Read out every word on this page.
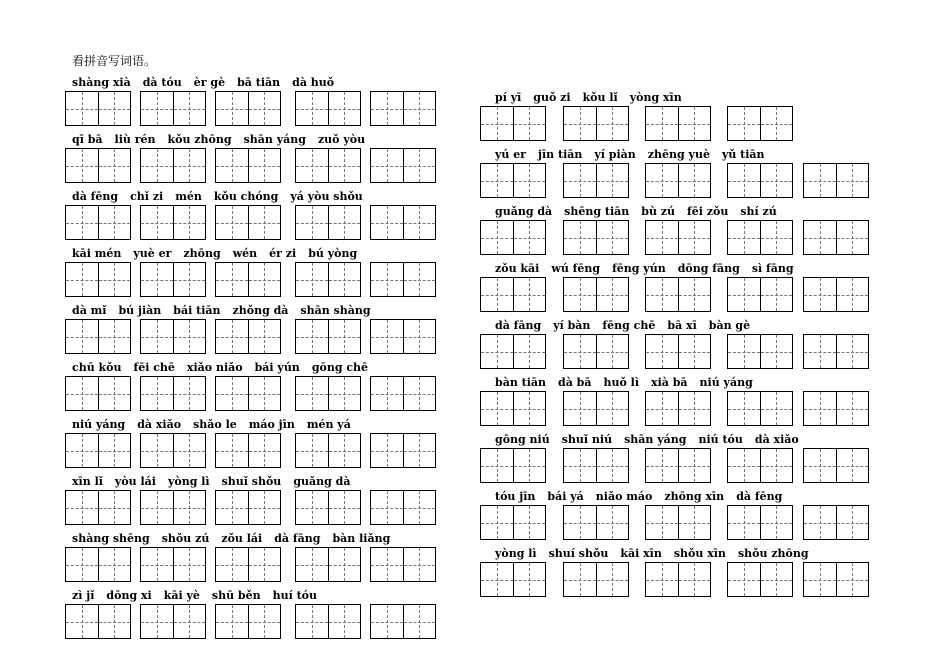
看拼音写词语。
shàng xià dà tóu èr gè bā tiān dà huǒ
qī bā liù rén kǒu zhōng shān yáng zuǒ yòu
dà fēng chǐ zi mén kǒu chóng yá yòu shǒu
kāi mén yuè er zhōng wén ér zi bú yòng
dà mǐ bú jiàn bái tiān zhǒng dà shān shàng
chū kǒu fēi chē xiǎo niǎo bái yún gōng chē
niú yáng dà xiǎo shǎo le máo jīn mén yá
xīn lǐ yòu lái yòng lì shuǐ shǒu guǎng dà
shàng shēng shǒu zú zǒu lái dà fāng bàn liǎng
zì jǐ dōng xi kāi yè shū běn huí tóu
pí yī guǒ zi kǒu lǐ yòng xīn
yú er jīn tiān yí piàn zhēng yuè yǔ tiān
guǎng dà shēng tiān bù zú fēi zǒu shí zú
zǒu kāi wú fēng fēng yún dōng fāng sì fāng
dà fāng yí bàn fēng chē bā xī bàn gè
bàn tiān dà bā huǒ lì xià bā niú yáng
gōng niú shuǐ niú shān yáng niú tóu dà xiǎo
tóu jīn bái yá niǎo máo zhōng xīn dà fēng
yòng lì shuí shǒu kāi xīn shǒu xīn shǒu zhōng
